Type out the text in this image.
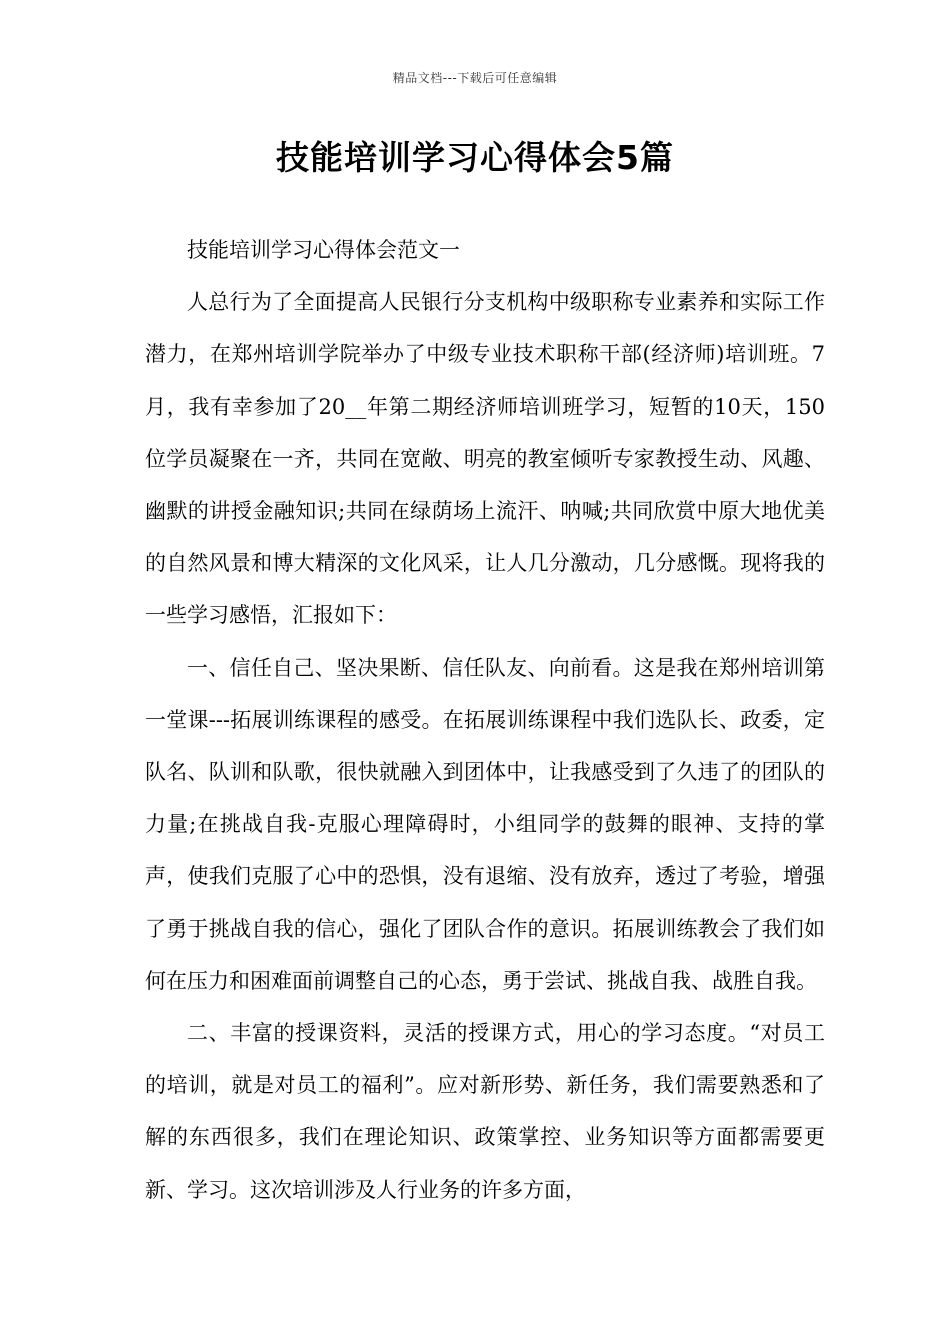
精品文档---下载后可任意编辑
技能培训学习心得体会5篇

技能培训学习心得体会范文一

人总行为了全面提高人民银行分支机构中级职称专业素养和实际工作潜力，在郑州培训学院举办了中级专业技术职称干部(经济师)培训班。7月，我有幸参加了20__年第二期经济师培训班学习，短暂的10天，150位学员凝聚在一齐，共同在宽敞、明亮的教室倾听专家教授生动、风趣、幽默的讲授金融知识;共同在绿荫场上流汗、呐喊;共同欣赏中原大地优美的自然风景和博大精深的文化风采，让人几分激动，几分感慨。现将我的一些学习感悟，汇报如下：

一、信任自己、坚决果断、信任队友、向前看。这是我在郑州培训第一堂课---拓展训练课程的感受。在拓展训练课程中我们选队长、政委，定队名、队训和队歌，很快就融入到团体中，让我感受到了久违了的团队的力量;在挑战自我-克服心理障碍时，小组同学的鼓舞的眼神、支持的掌声，使我们克服了心中的恐惧，没有退缩、没有放弃，透过了考验，增强了勇于挑战自我的信心，强化了团队合作的意识。拓展训练教会了我们如何在压力和困难面前调整自己的心态，勇于尝试、挑战自我、战胜自我。

二、丰富的授课资料，灵活的授课方式，用心的学习态度。“对员工的培训，就是对员工的福利”。应对新形势、新任务，我们需要熟悉和了解的东西很多，我们在理论知识、政策掌控、业务知识等方面都需要更新、学习。这次培训涉及人行业务的许多方面，
